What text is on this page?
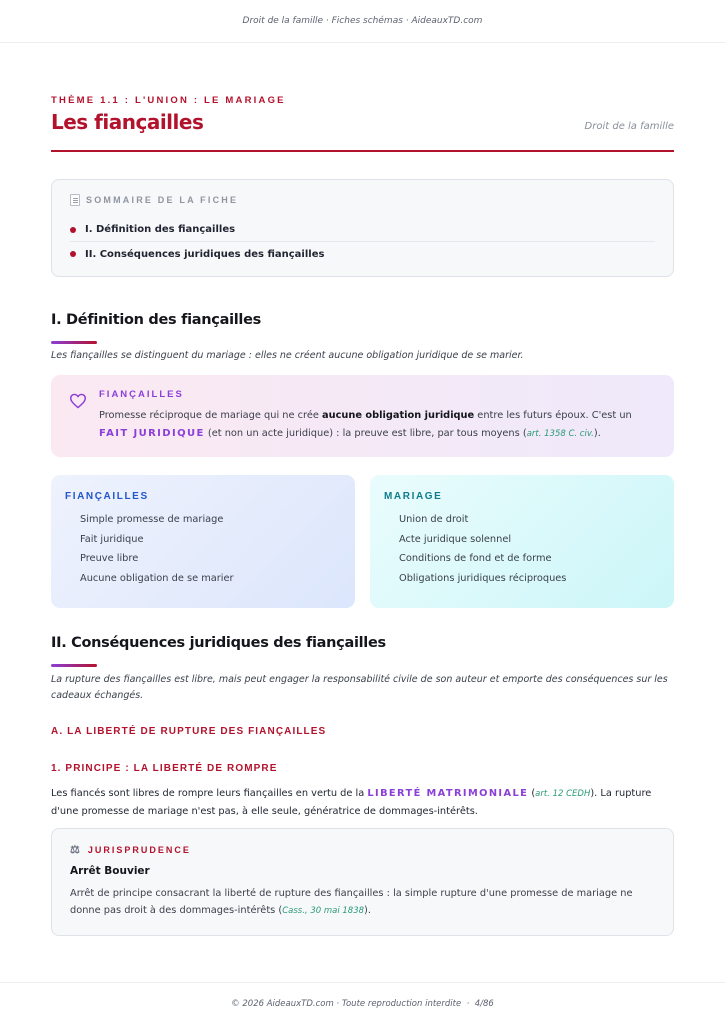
Droit de la famille · Fiches schémas · AideauxTD.com
THÈME 1.1 : L'UNION : LE MARIAGE
Les fiançailles	Droit de la famille
SOMMAIRE DE LA FICHE
I. Définition des fiançailles
II. Conséquences juridiques des fiançailles
I. Définition des fiançailles
Les fiançailles se distinguent du mariage : elles ne créent aucune obligation juridique de se marier.
FIANÇAILLES
Promesse réciproque de mariage qui ne crée aucune obligation juridique entre les futurs époux. C'est un FAIT JURIDIQUE (et non un acte juridique) : la preuve est libre, par tous moyens (art. 1358 C. civ.).
FIANÇAILLES
Simple promesse de mariage
Fait juridique
Preuve libre
Aucune obligation de se marier
MARIAGE
Union de droit
Acte juridique solennel
Conditions de fond et de forme
Obligations juridiques réciproques
II. Conséquences juridiques des fiançailles
La rupture des fiançailles est libre, mais peut engager la responsabilité civile de son auteur et emporte des conséquences sur les cadeaux échangés.
A. LA LIBERTÉ DE RUPTURE DES FIANÇAILLES
1. PRINCIPE : LA LIBERTÉ DE ROMPRE
Les fiancés sont libres de rompre leurs fiançailles en vertu de la LIBERTÉ MATRIMONIALE (art. 12 CEDH). La rupture d'une promesse de mariage n'est pas, à elle seule, génératrice de dommages-intérêts.
⚖ JURISPRUDENCE
Arrêt Bouvier
Arrêt de principe consacrant la liberté de rupture des fiançailles : la simple rupture d'une promesse de mariage ne donne pas droit à des dommages-intérêts (Cass., 30 mai 1838).
© 2026 AideauxTD.com · Toute reproduction interdite  ·  4/86
